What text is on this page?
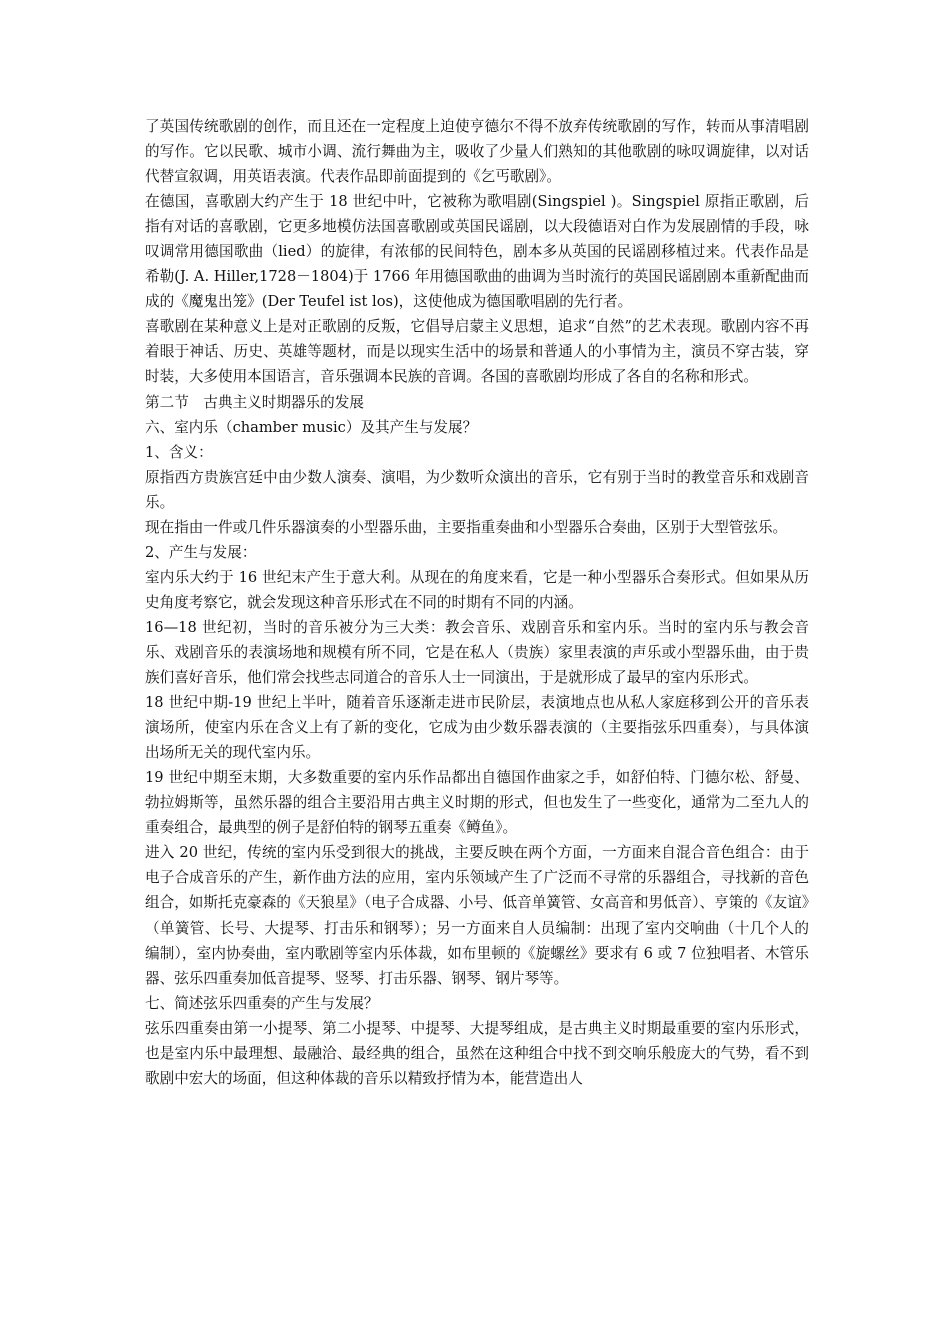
了英国传统歌剧的创作，而且还在一定程度上迫使亨德尔不得不放弃传统歌剧的写作，转而从事清唱剧的写作。它以民歌、城市小调、流行舞曲为主，吸收了少量人们熟知的其他歌剧的咏叹调旋律，以对话代替宣叙调，用英语表演。代表作品即前面提到的《乞丐歌剧》。

在德国，喜歌剧大约产生于 18 世纪中叶，它被称为歌唱剧(Singspiel )。Singspiel 原指正歌剧，后指有对话的喜歌剧，它更多地模仿法国喜歌剧或英国民谣剧，以大段德语对白作为发展剧情的手段，咏叹调常用德国歌曲（lied）的旋律，有浓郁的民间特色，剧本多从英国的民谣剧移植过来。代表作品是希勒(J. A. Hiller,1728－1804)于 1766 年用德国歌曲的曲调为当时流行的英国民谣剧剧本重新配曲而成的《魔鬼出笼》(Der Teufel ist los)，这使他成为德国歌唱剧的先行者。

喜歌剧在某种意义上是对正歌剧的反叛，它倡导启蒙主义思想，追求“自然”的艺术表现。歌剧内容不再着眼于神话、历史、英雄等题材，而是以现实生活中的场景和普通人的小事情为主，演员不穿古装，穿时装，大多使用本国语言，音乐强调本民族的音调。各国的喜歌剧均形成了各自的名称和形式。

第二节　古典主义时期器乐的发展

六、室内乐（chamber music）及其产生与发展？

1、含义：

原指西方贵族宫廷中由少数人演奏、演唱，为少数听众演出的音乐，它有别于当时的教堂音乐和戏剧音乐。

现在指由一件或几件乐器演奏的小型器乐曲，主要指重奏曲和小型器乐合奏曲，区别于大型管弦乐。

2、产生与发展：

室内乐大约于 16 世纪末产生于意大利。从现在的角度来看，它是一种小型器乐合奏形式。但如果从历史角度考察它，就会发现这种音乐形式在不同的时期有不同的内涵。

16—18 世纪初，当时的音乐被分为三大类：教会音乐、戏剧音乐和室内乐。当时的室内乐与教会音乐、戏剧音乐的表演场地和规模有所不同，它是在私人（贵族）家里表演的声乐或小型器乐曲，由于贵族们喜好音乐，他们常会找些志同道合的音乐人士一同演出，于是就形成了最早的室内乐形式。

18 世纪中期-19 世纪上半叶，随着音乐逐渐走进市民阶层，表演地点也从私人家庭移到公开的音乐表演场所，使室内乐在含义上有了新的变化，它成为由少数乐器表演的（主要指弦乐四重奏），与具体演出场所无关的现代室内乐。

19 世纪中期至末期，大多数重要的室内乐作品都出自德国作曲家之手，如舒伯特、门德尔松、舒曼、勃拉姆斯等，虽然乐器的组合主要沿用古典主义时期的形式，但也发生了一些变化，通常为二至九人的重奏组合，最典型的例子是舒伯特的钢琴五重奏《鳟鱼》。

进入 20 世纪，传统的室内乐受到很大的挑战，主要反映在两个方面，一方面来自混合音色组合：由于电子合成音乐的产生，新作曲方法的应用，室内乐领域产生了广泛而不寻常的乐器组合，寻找新的音色组合，如斯托克豪森的《天狼星》（电子合成器、小号、低音单簧管、女高音和男低音）、亨策的《友谊》（单簧管、长号、大提琴、打击乐和钢琴）；另一方面来自人员编制：出现了室内交响曲（十几个人的编制），室内协奏曲，室内歌剧等室内乐体裁，如布里顿的《旋螺丝》要求有 6 或 7 位独唱者、木管乐器、弦乐四重奏加低音提琴、竖琴、打击乐器、钢琴、钢片琴等。

七、简述弦乐四重奏的产生与发展？

弦乐四重奏由第一小提琴、第二小提琴、中提琴、大提琴组成，是古典主义时期最重要的室内乐形式，也是室内乐中最理想、最融洽、最经典的组合，虽然在这种组合中找不到交响乐般庞大的气势，看不到歌剧中宏大的场面，但这种体裁的音乐以精致抒情为本，能营造出人
